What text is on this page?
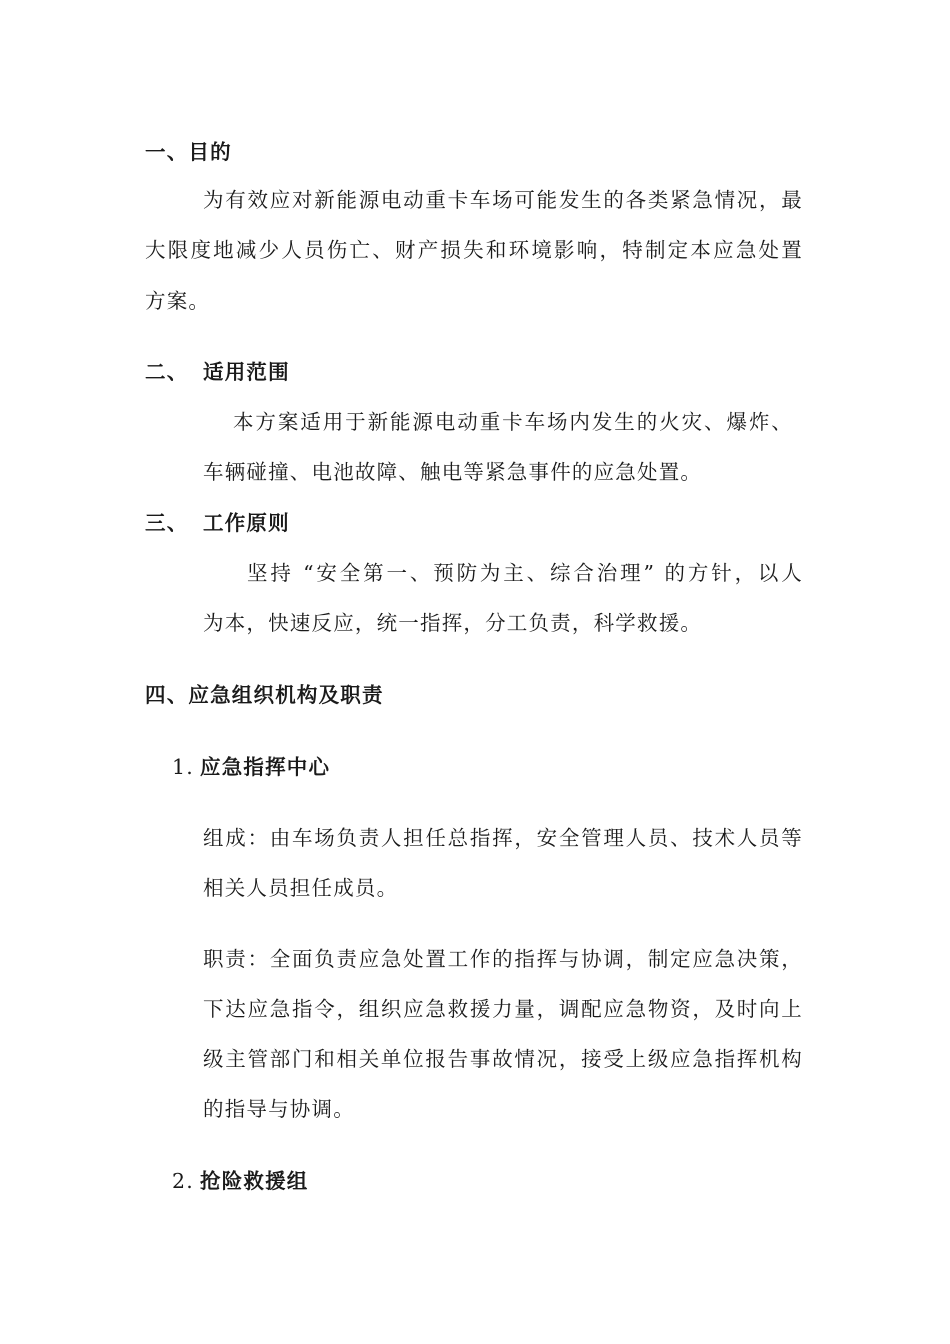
一、目的
为有效应对新能源电动重卡车场可能发生的各类紧急情况，最
大限度地减少人员伤亡、财产损失和环境影响，特制定本应急处置
方案。
二、 适用范围
本方案适用于新能源电动重卡车场内发生的火灾、爆炸、
车辆碰撞、电池故障、触电等紧急事件的应急处置。
三、 工作原则
坚持 “安全第一、预防为主、综合治理” 的方针，以人
为本，快速反应，统一指挥，分工负责，科学救援。
四、应急组织机构及职责
1. 应急指挥中心
组成：由车场负责人担任总指挥，安全管理人员、技术人员等
相关人员担任成员。
职责：全面负责应急处置工作的指挥与协调，制定应急决策，
下达应急指令，组织应急救援力量，调配应急物资，及时向上
级主管部门和相关单位报告事故情况，接受上级应急指挥机构
的指导与协调。
2. 抢险救援组
